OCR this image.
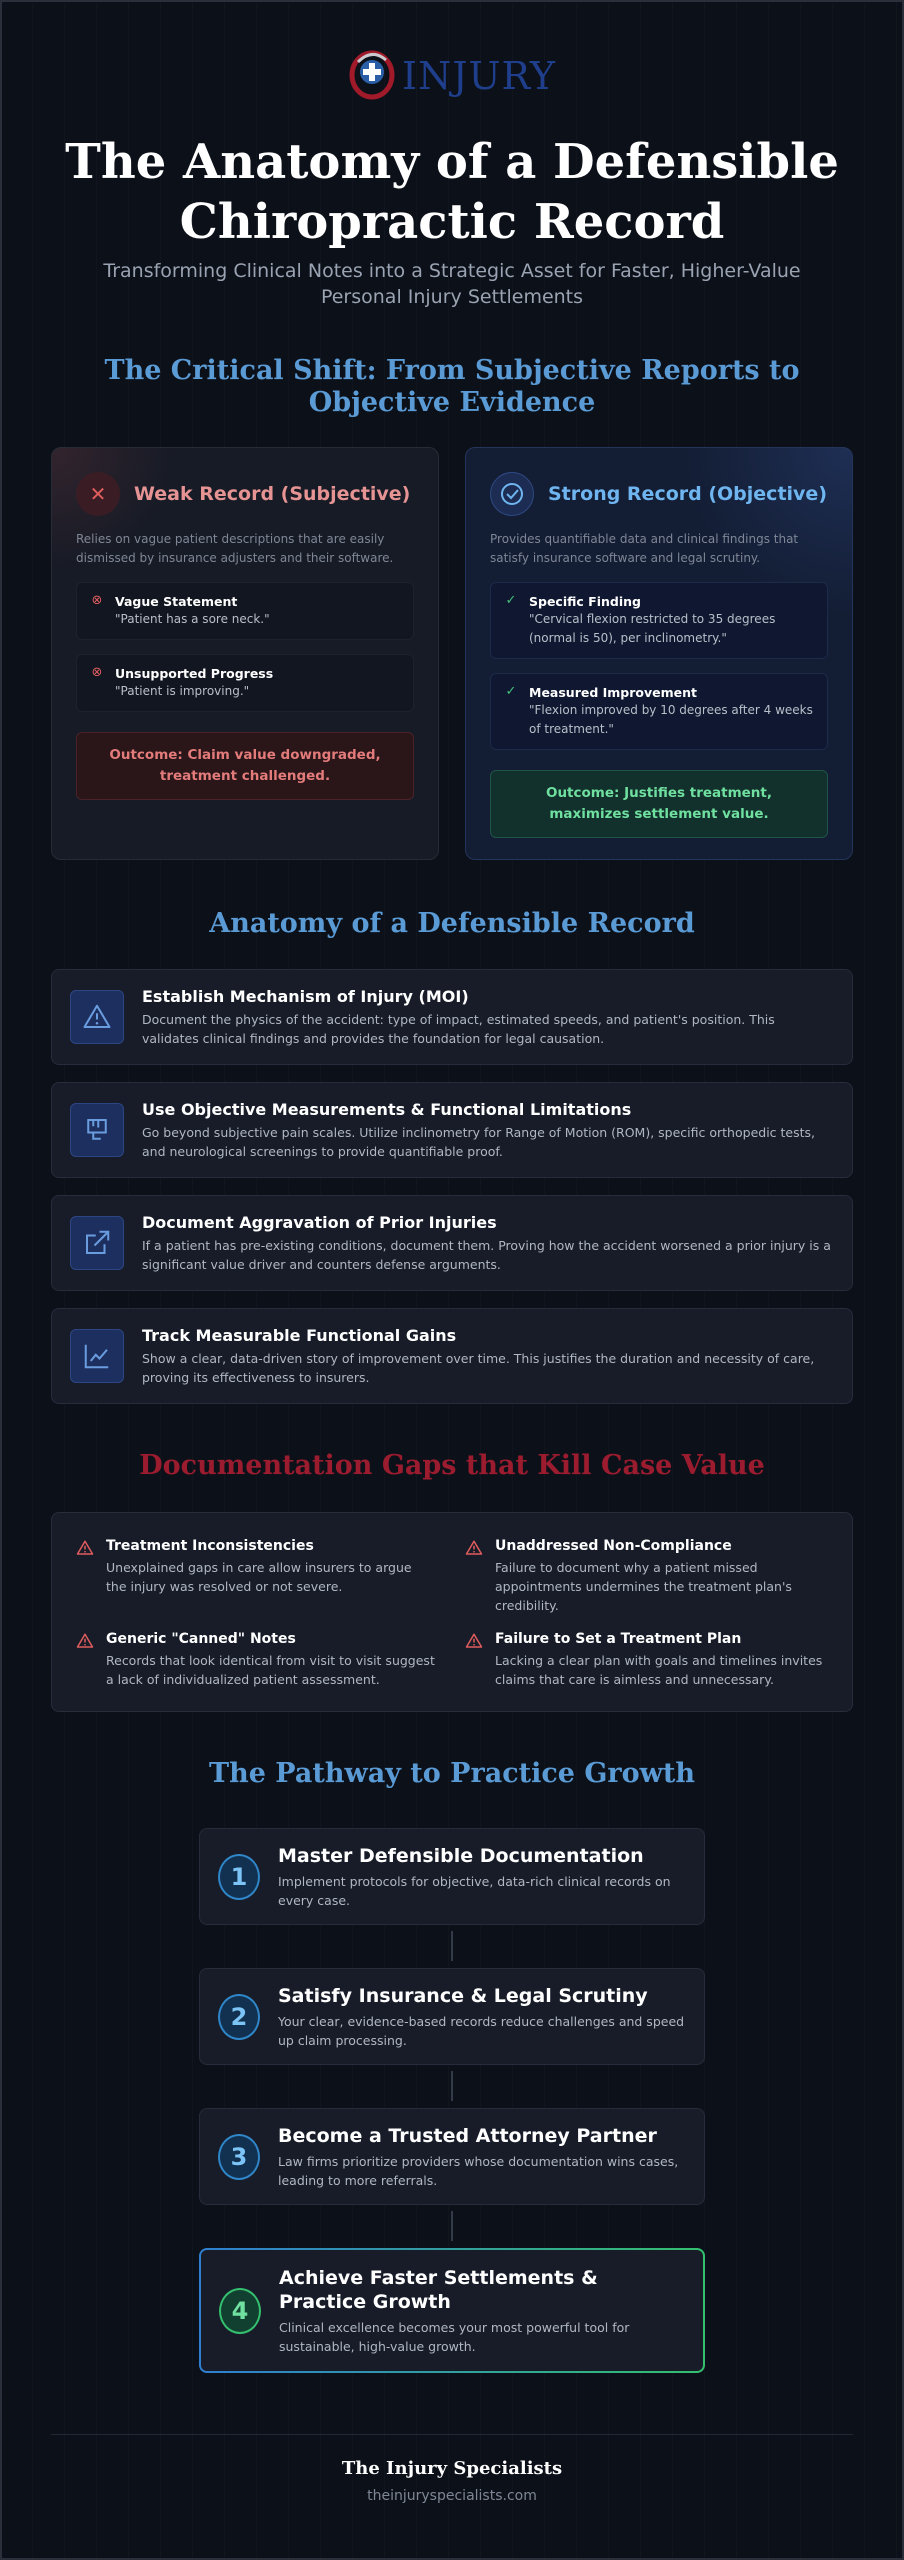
INJURY
The Anatomy of a Defensible Chiropractic Record
Transforming Clinical Notes into a Strategic Asset for Faster, Higher-Value Personal Injury Settlements
The Critical Shift: From Subjective Reports to Objective Evidence
✕	Weak Record (Subjective)
Relies on vague patient descriptions that are easily dismissed by insurance adjusters and their software.
⊗ Vague Statement
"Patient has a sore neck."
⊗ Unsupported Progress
"Patient is improving."
Outcome: Claim value downgraded, treatment challenged.
Strong Record (Objective)
Provides quantifiable data and clinical findings that satisfy insurance software and legal scrutiny.
✓ Specific Finding
"Cervical flexion restricted to 35 degrees (normal is 50), per inclinometry."
✓ Measured Improvement
"Flexion improved by 10 degrees after 4 weeks of treatment."
Outcome: Justifies treatment, maximizes settlement value.
Anatomy of a Defensible Record
Establish Mechanism of Injury (MOI)
Document the physics of the accident: type of impact, estimated speeds, and patient's position. This validates clinical findings and provides the foundation for legal causation.
Use Objective Measurements & Functional Limitations
Go beyond subjective pain scales. Utilize inclinometry for Range of Motion (ROM), specific orthopedic tests, and neurological screenings to provide quantifiable proof.
Document Aggravation of Prior Injuries
If a patient has pre-existing conditions, document them. Proving how the accident worsened a prior injury is a significant value driver and counters defense arguments.
Track Measurable Functional Gains
Show a clear, data-driven story of improvement over time. This justifies the duration and necessity of care, proving its effectiveness to insurers.
Documentation Gaps that Kill Case Value
Treatment Inconsistencies
Unexplained gaps in care allow insurers to argue the injury was resolved or not severe.
Unaddressed Non-Compliance
Failure to document why a patient missed appointments undermines the treatment plan's credibility.
Generic "Canned" Notes
Records that look identical from visit to visit suggest a lack of individualized patient assessment.
Failure to Set a Treatment Plan
Lacking a clear plan with goals and timelines invites claims that care is aimless and unnecessary.
The Pathway to Practice Growth
1
Master Defensible Documentation
Implement protocols for objective, data-rich clinical records on every case.
2
Satisfy Insurance & Legal Scrutiny
Your clear, evidence-based records reduce challenges and speed up claim processing.
3
Become a Trusted Attorney Partner
Law firms prioritize providers whose documentation wins cases, leading to more referrals.
4
Achieve Faster Settlements & Practice Growth
Clinical excellence becomes your most powerful tool for sustainable, high-value growth.
The Injury Specialists
theinjuryspecialists.com
